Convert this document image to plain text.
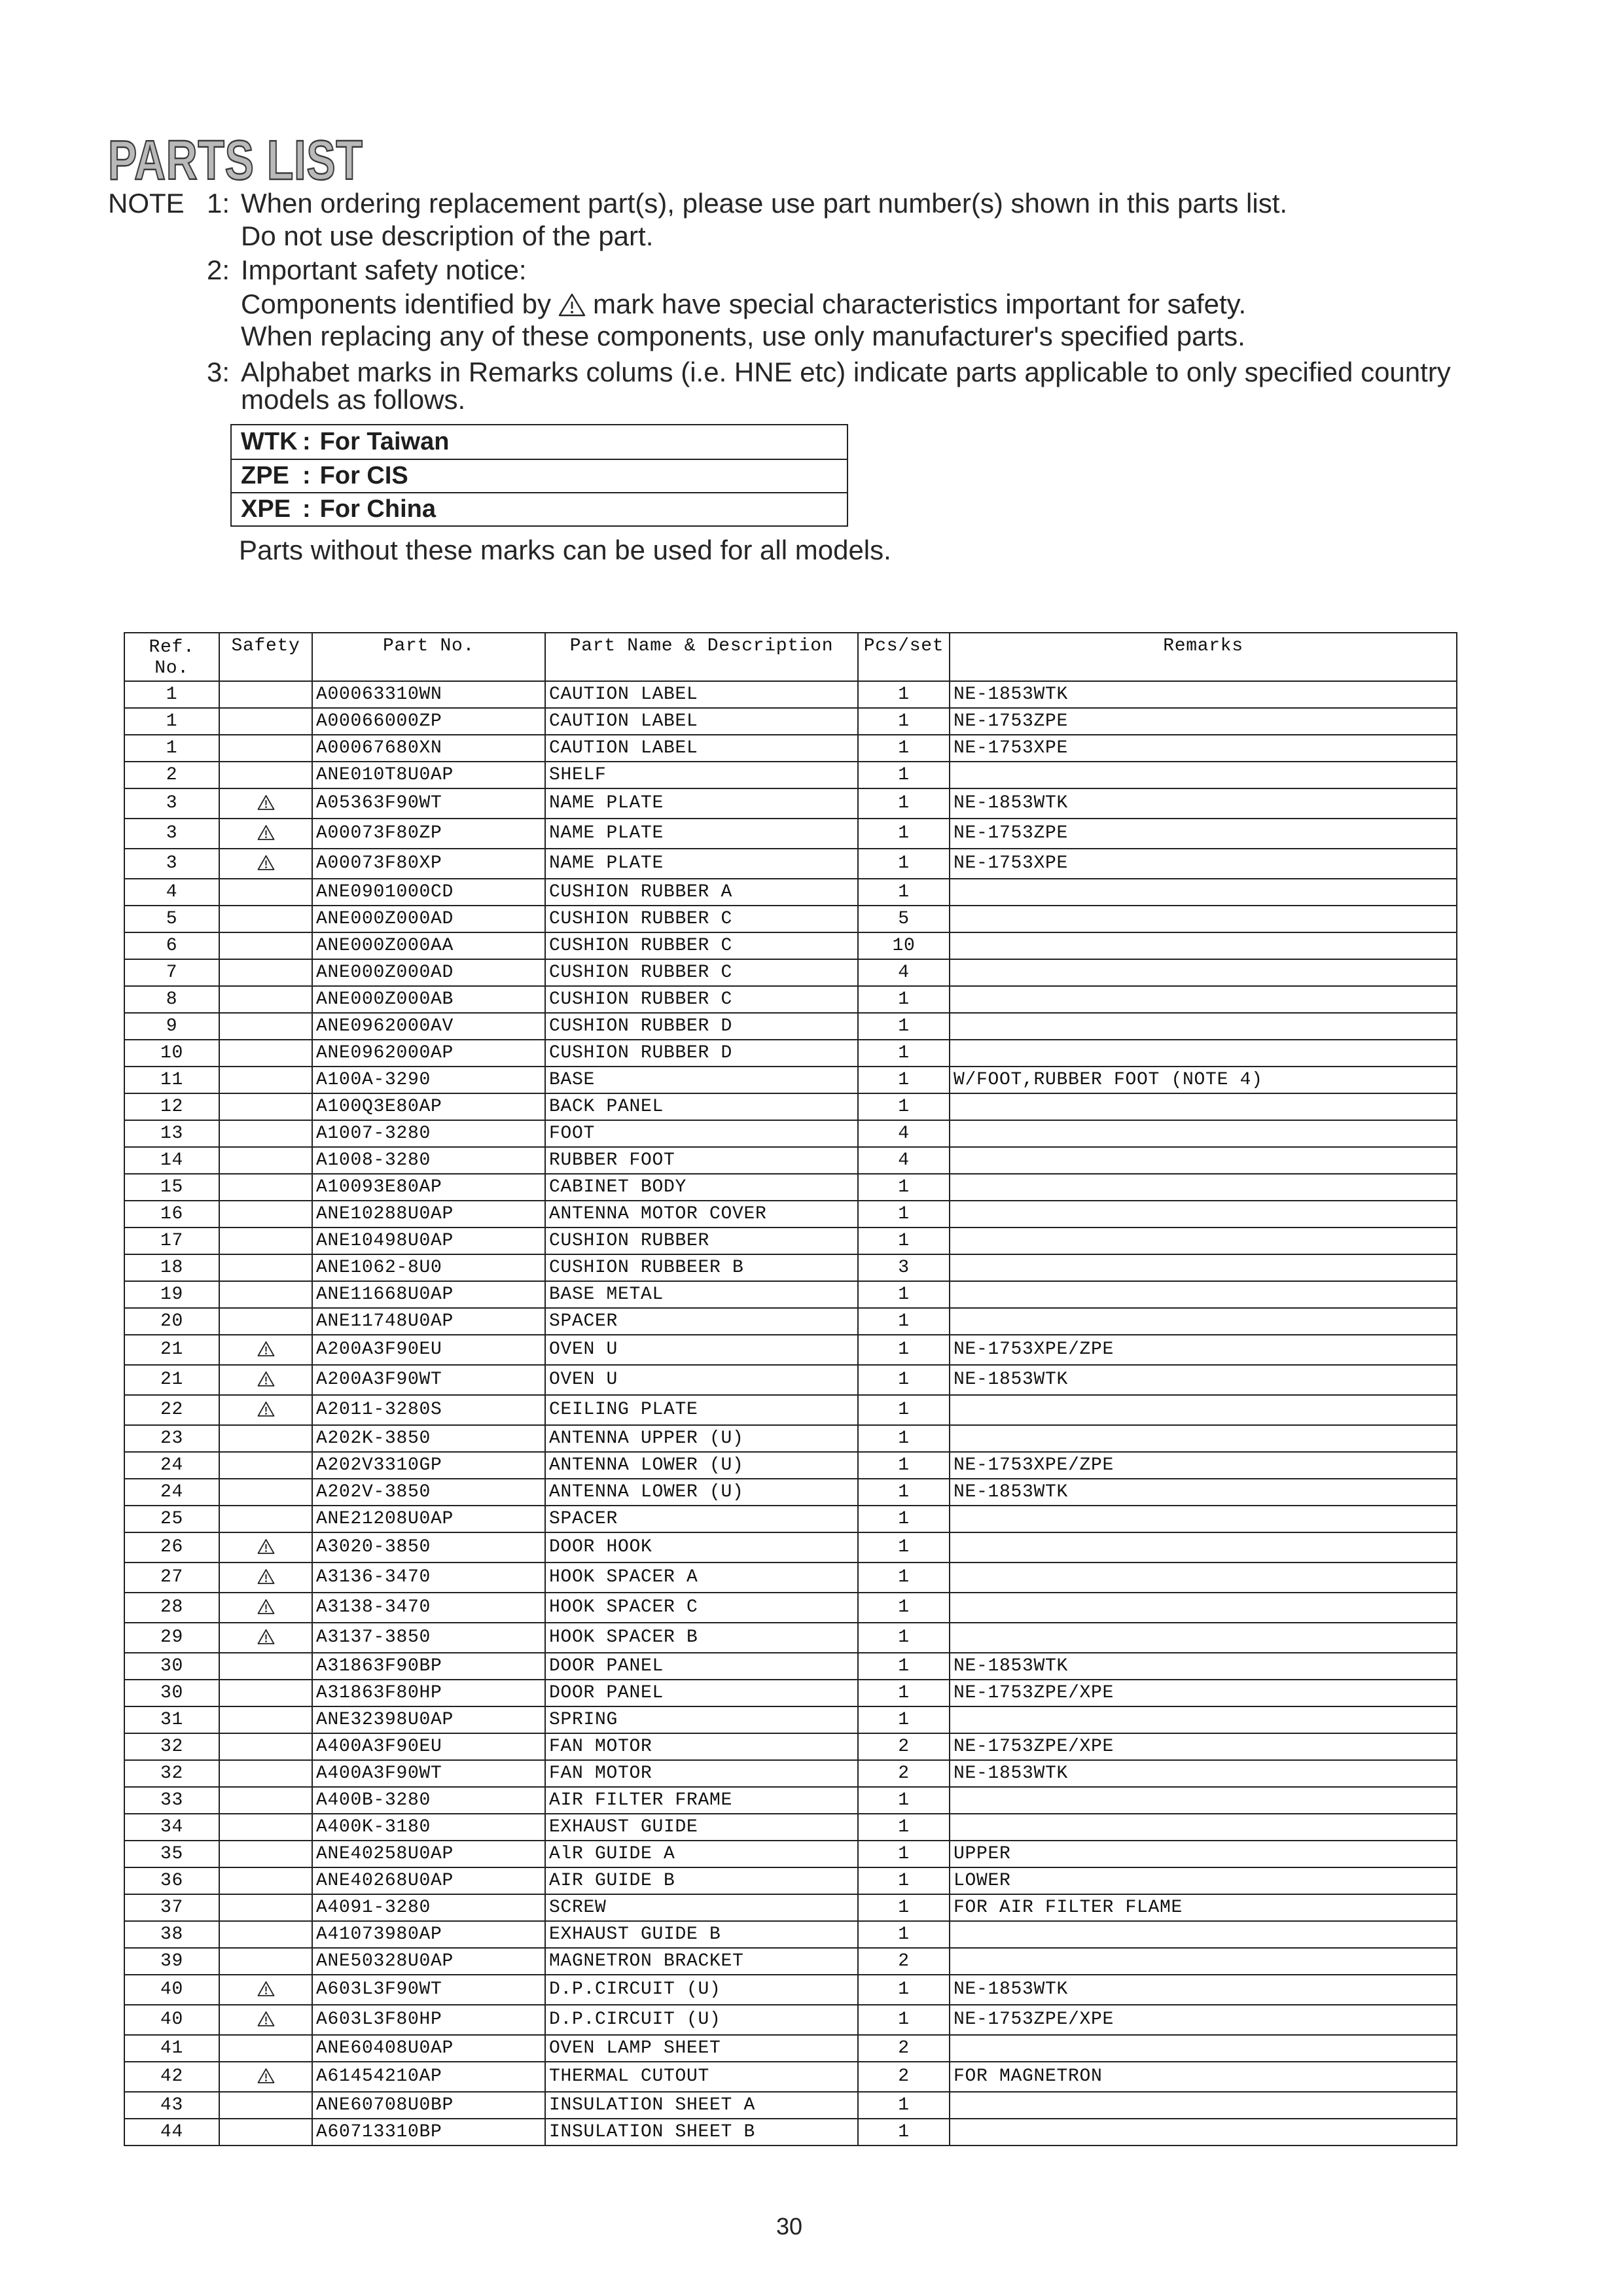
PARTS LIST
NOTE 1: When ordering replacement part(s), please use part number(s) shown in this parts list.
Do not use description of the part.
2: Important safety notice:
Components identified by mark have special characteristics important for safety.
When replacing any of these components, use only manufacturer's specified parts.
3: Alphabet marks in Remarks colums (i.e. HNE etc) indicate parts applicable to only specified country
models as follows.
WTK : For Taiwan
ZPE : For CIS
XPE : For China
Parts without these marks can be used for all models.
Ref.
No.	Safety	Part No.	Part Name & Description	Pcs/set	Remarks
1		A00063310WN	CAUTION LABEL	1	NE-1853WTK
1		A00066000ZP	CAUTION LABEL	1	NE-1753ZPE
1		A00067680XN	CAUTION LABEL	1	NE-1753XPE
2		ANE010T8U0AP	SHELF	1	
3		A05363F90WT	NAME PLATE	1	NE-1853WTK
3		A00073F80ZP	NAME PLATE	1	NE-1753ZPE
3		A00073F80XP	NAME PLATE	1	NE-1753XPE
4		ANE0901000CD	CUSHION RUBBER A	1	
5		ANE000Z000AD	CUSHION RUBBER C	5	
6		ANE000Z000AA	CUSHION RUBBER C	10	
7		ANE000Z000AD	CUSHION RUBBER C	4	
8		ANE000Z000AB	CUSHION RUBBER C	1	
9		ANE0962000AV	CUSHION RUBBER D	1	
10		ANE0962000AP	CUSHION RUBBER D	1	
11		A100A-3290	BASE	1	W/FOOT,RUBBER FOOT (NOTE 4)
12		A100Q3E80AP	BACK PANEL	1	
13		A1007-3280	FOOT	4	
14		A1008-3280	RUBBER FOOT	4	
15		A10093E80AP	CABINET BODY	1	
16		ANE10288U0AP	ANTENNA MOTOR COVER	1	
17		ANE10498U0AP	CUSHION RUBBER	1	
18		ANE1062-8U0	CUSHION RUBBEER B	3	
19		ANE11668U0AP	BASE METAL	1	
20		ANE11748U0AP	SPACER	1	
21		A200A3F90EU	OVEN U	1	NE-1753XPE/ZPE
21		A200A3F90WT	OVEN U	1	NE-1853WTK
22		A2011-3280S	CEILING PLATE	1	
23		A202K-3850	ANTENNA UPPER (U)	1	
24		A202V3310GP	ANTENNA LOWER (U)	1	NE-1753XPE/ZPE
24		A202V-3850	ANTENNA LOWER (U)	1	NE-1853WTK
25		ANE21208U0AP	SPACER	1	
26		A3020-3850	DOOR HOOK	1	
27		A3136-3470	HOOK SPACER A	1	
28		A3138-3470	HOOK SPACER C	1	
29		A3137-3850	HOOK SPACER B	1	
30		A31863F90BP	DOOR PANEL	1	NE-1853WTK
30		A31863F80HP	DOOR PANEL	1	NE-1753ZPE/XPE
31		ANE32398U0AP	SPRING	1	
32		A400A3F90EU	FAN MOTOR	2	NE-1753ZPE/XPE
32		A400A3F90WT	FAN MOTOR	2	NE-1853WTK
33		A400B-3280	AIR FILTER FRAME	1	
34		A400K-3180	EXHAUST GUIDE	1	
35		ANE40258U0AP	AlR GUIDE A	1	UPPER
36		ANE40268U0AP	AIR GUIDE B	1	LOWER
37		A4091-3280	SCREW	1	FOR AIR FILTER FLAME
38		A41073980AP	EXHAUST GUIDE B	1	
39		ANE50328U0AP	MAGNETRON BRACKET	2	
40		A603L3F90WT	D.P.CIRCUIT (U)	1	NE-1853WTK
40		A603L3F80HP	D.P.CIRCUIT (U)	1	NE-1753ZPE/XPE
41		ANE60408U0AP	OVEN LAMP SHEET	2	
42		A61454210AP	THERMAL CUTOUT	2	FOR MAGNETRON
43		ANE60708U0BP	INSULATION SHEET A	1	
44		A60713310BP	INSULATION SHEET B	1	
30
